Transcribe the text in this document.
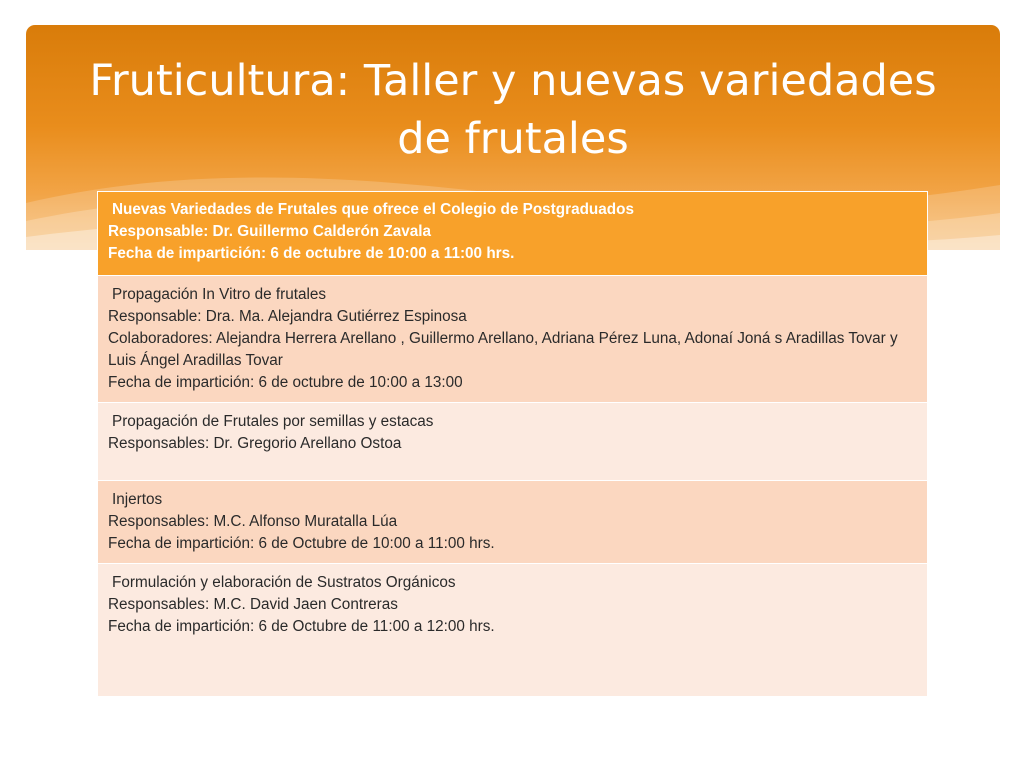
Fruticultura: Taller y nuevas variedades
de frutales
Nuevas Variedades de Frutales que ofrece el Colegio de Postgraduados
Responsable: Dr. Guillermo Calderón Zavala
Fecha de impartición: 6 de octubre de 10:00 a 11:00 hrs.

Propagación In Vitro de frutales
Responsable: Dra. Ma. Alejandra Gutiérrez Espinosa
Colaboradores: Alejandra Herrera Arellano , Guillermo Arellano, Adriana Pérez Luna, Adonaí Joná s Aradillas Tovar y Luis Ángel Aradillas Tovar
Fecha de impartición: 6 de octubre de 10:00 a 13:00

Propagación de Frutales por semillas y estacas
Responsables: Dr. Gregorio Arellano Ostoa

Injertos
Responsables: M.C. Alfonso Muratalla Lúa
Fecha de impartición: 6 de Octubre de 10:00 a 11:00 hrs.

Formulación y elaboración de Sustratos Orgánicos
Responsables: M.C. David Jaen Contreras
Fecha de impartición: 6 de Octubre de 11:00 a 12:00 hrs.
